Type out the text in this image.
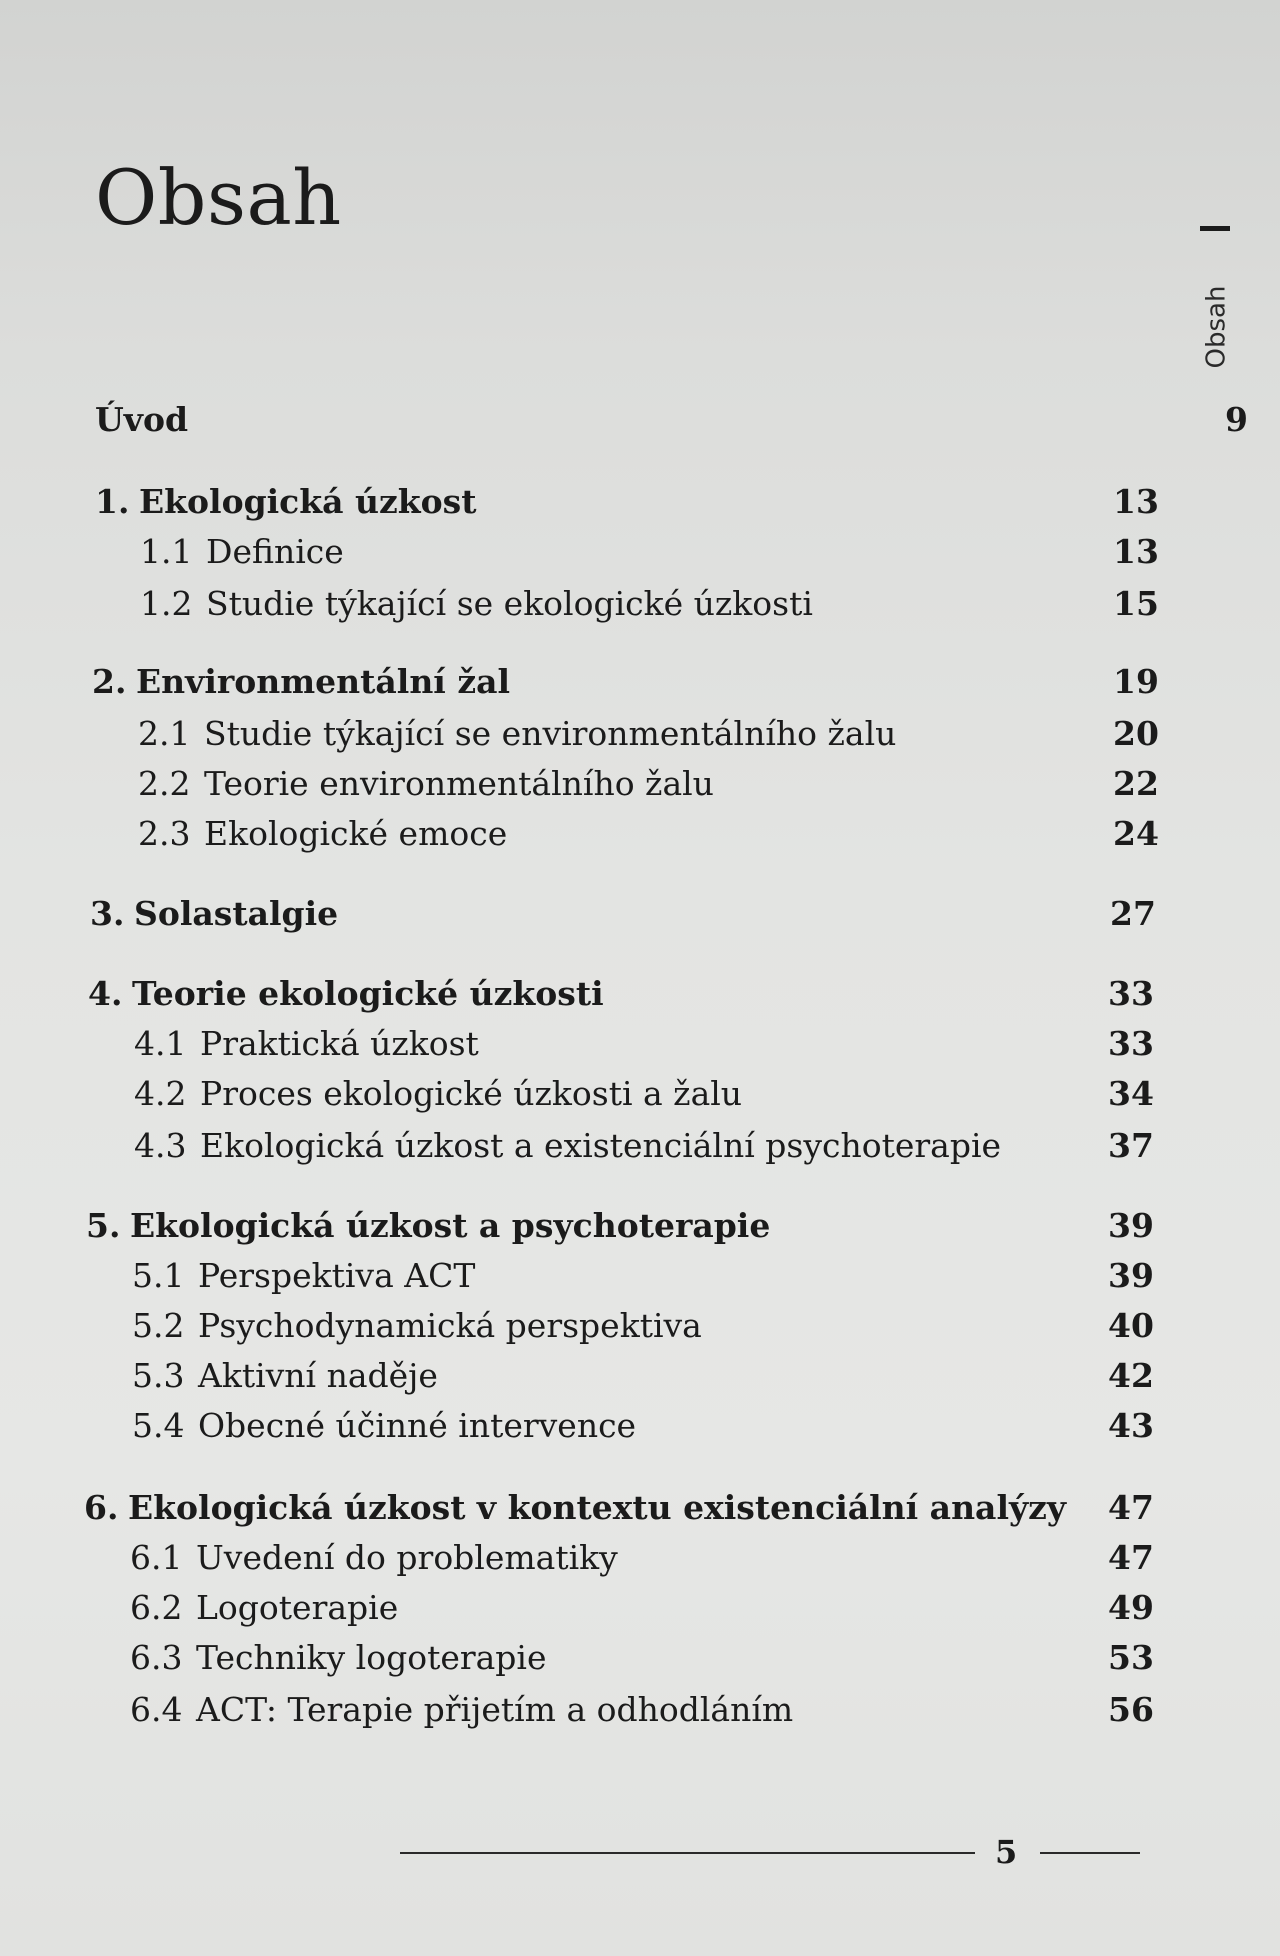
Obsah
Obsah
Úvod	9
1. Ekologická úzkost	13
1.1 Definice	13
1.2 Studie týkající se ekologické úzkosti	15
2. Environmentální žal	19
2.1 Studie týkající se environmentálního žalu	20
2.2 Teorie environmentálního žalu	22
2.3 Ekologické emoce	24
3. Solastalgie	27
4. Teorie ekologické úzkosti	33
4.1 Praktická úzkost	33
4.2 Proces ekologické úzkosti a žalu	34
4.3 Ekologická úzkost a existenciální psychoterapie	37
5. Ekologická úzkost a psychoterapie	39
5.1 Perspektiva ACT	39
5.2 Psychodynamická perspektiva	40
5.3 Aktivní naděje	42
5.4 Obecné účinné intervence	43
6. Ekologická úzkost v kontextu existenciální analýzy 47
6.1 Uvedení do problematiky	47
6.2 Logoterapie	49
6.3 Techniky logoterapie	53
6.4 ACT: Terapie přijetím a odhodláním	56
5
